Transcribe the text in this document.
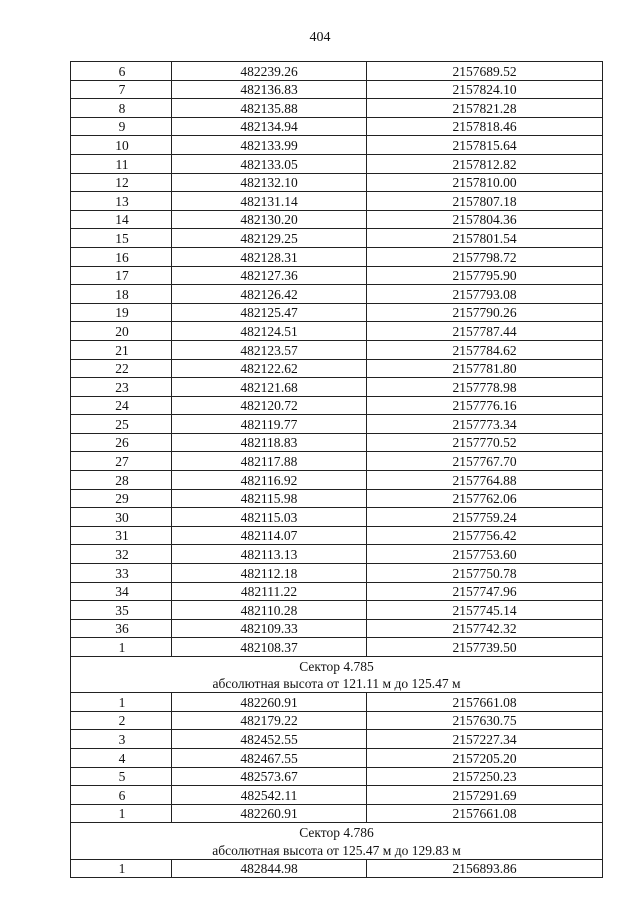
404
6	482239.26	2157689.52
7	482136.83	2157824.10
8	482135.88	2157821.28
9	482134.94	2157818.46
10	482133.99	2157815.64
11	482133.05	2157812.82
12	482132.10	2157810.00
13	482131.14	2157807.18
14	482130.20	2157804.36
15	482129.25	2157801.54
16	482128.31	2157798.72
17	482127.36	2157795.90
18	482126.42	2157793.08
19	482125.47	2157790.26
20	482124.51	2157787.44
21	482123.57	2157784.62
22	482122.62	2157781.80
23	482121.68	2157778.98
24	482120.72	2157776.16
25	482119.77	2157773.34
26	482118.83	2157770.52
27	482117.88	2157767.70
28	482116.92	2157764.88
29	482115.98	2157762.06
30	482115.03	2157759.24
31	482114.07	2157756.42
32	482113.13	2157753.60
33	482112.18	2157750.78
34	482111.22	2157747.96
35	482110.28	2157745.14
36	482109.33	2157742.32
1	482108.37	2157739.50
Сектор 4.785		
абсолютная высота от 121.11 м до 125.47 м		
1	482260.91	2157661.08
2	482179.22	2157630.75
3	482452.55	2157227.34
4	482467.55	2157205.20
5	482573.67	2157250.23
6	482542.11	2157291.69
1	482260.91	2157661.08
Сектор 4.786		
абсолютная высота от 125.47 м до 129.83 м		
1	482844.98	2156893.86
